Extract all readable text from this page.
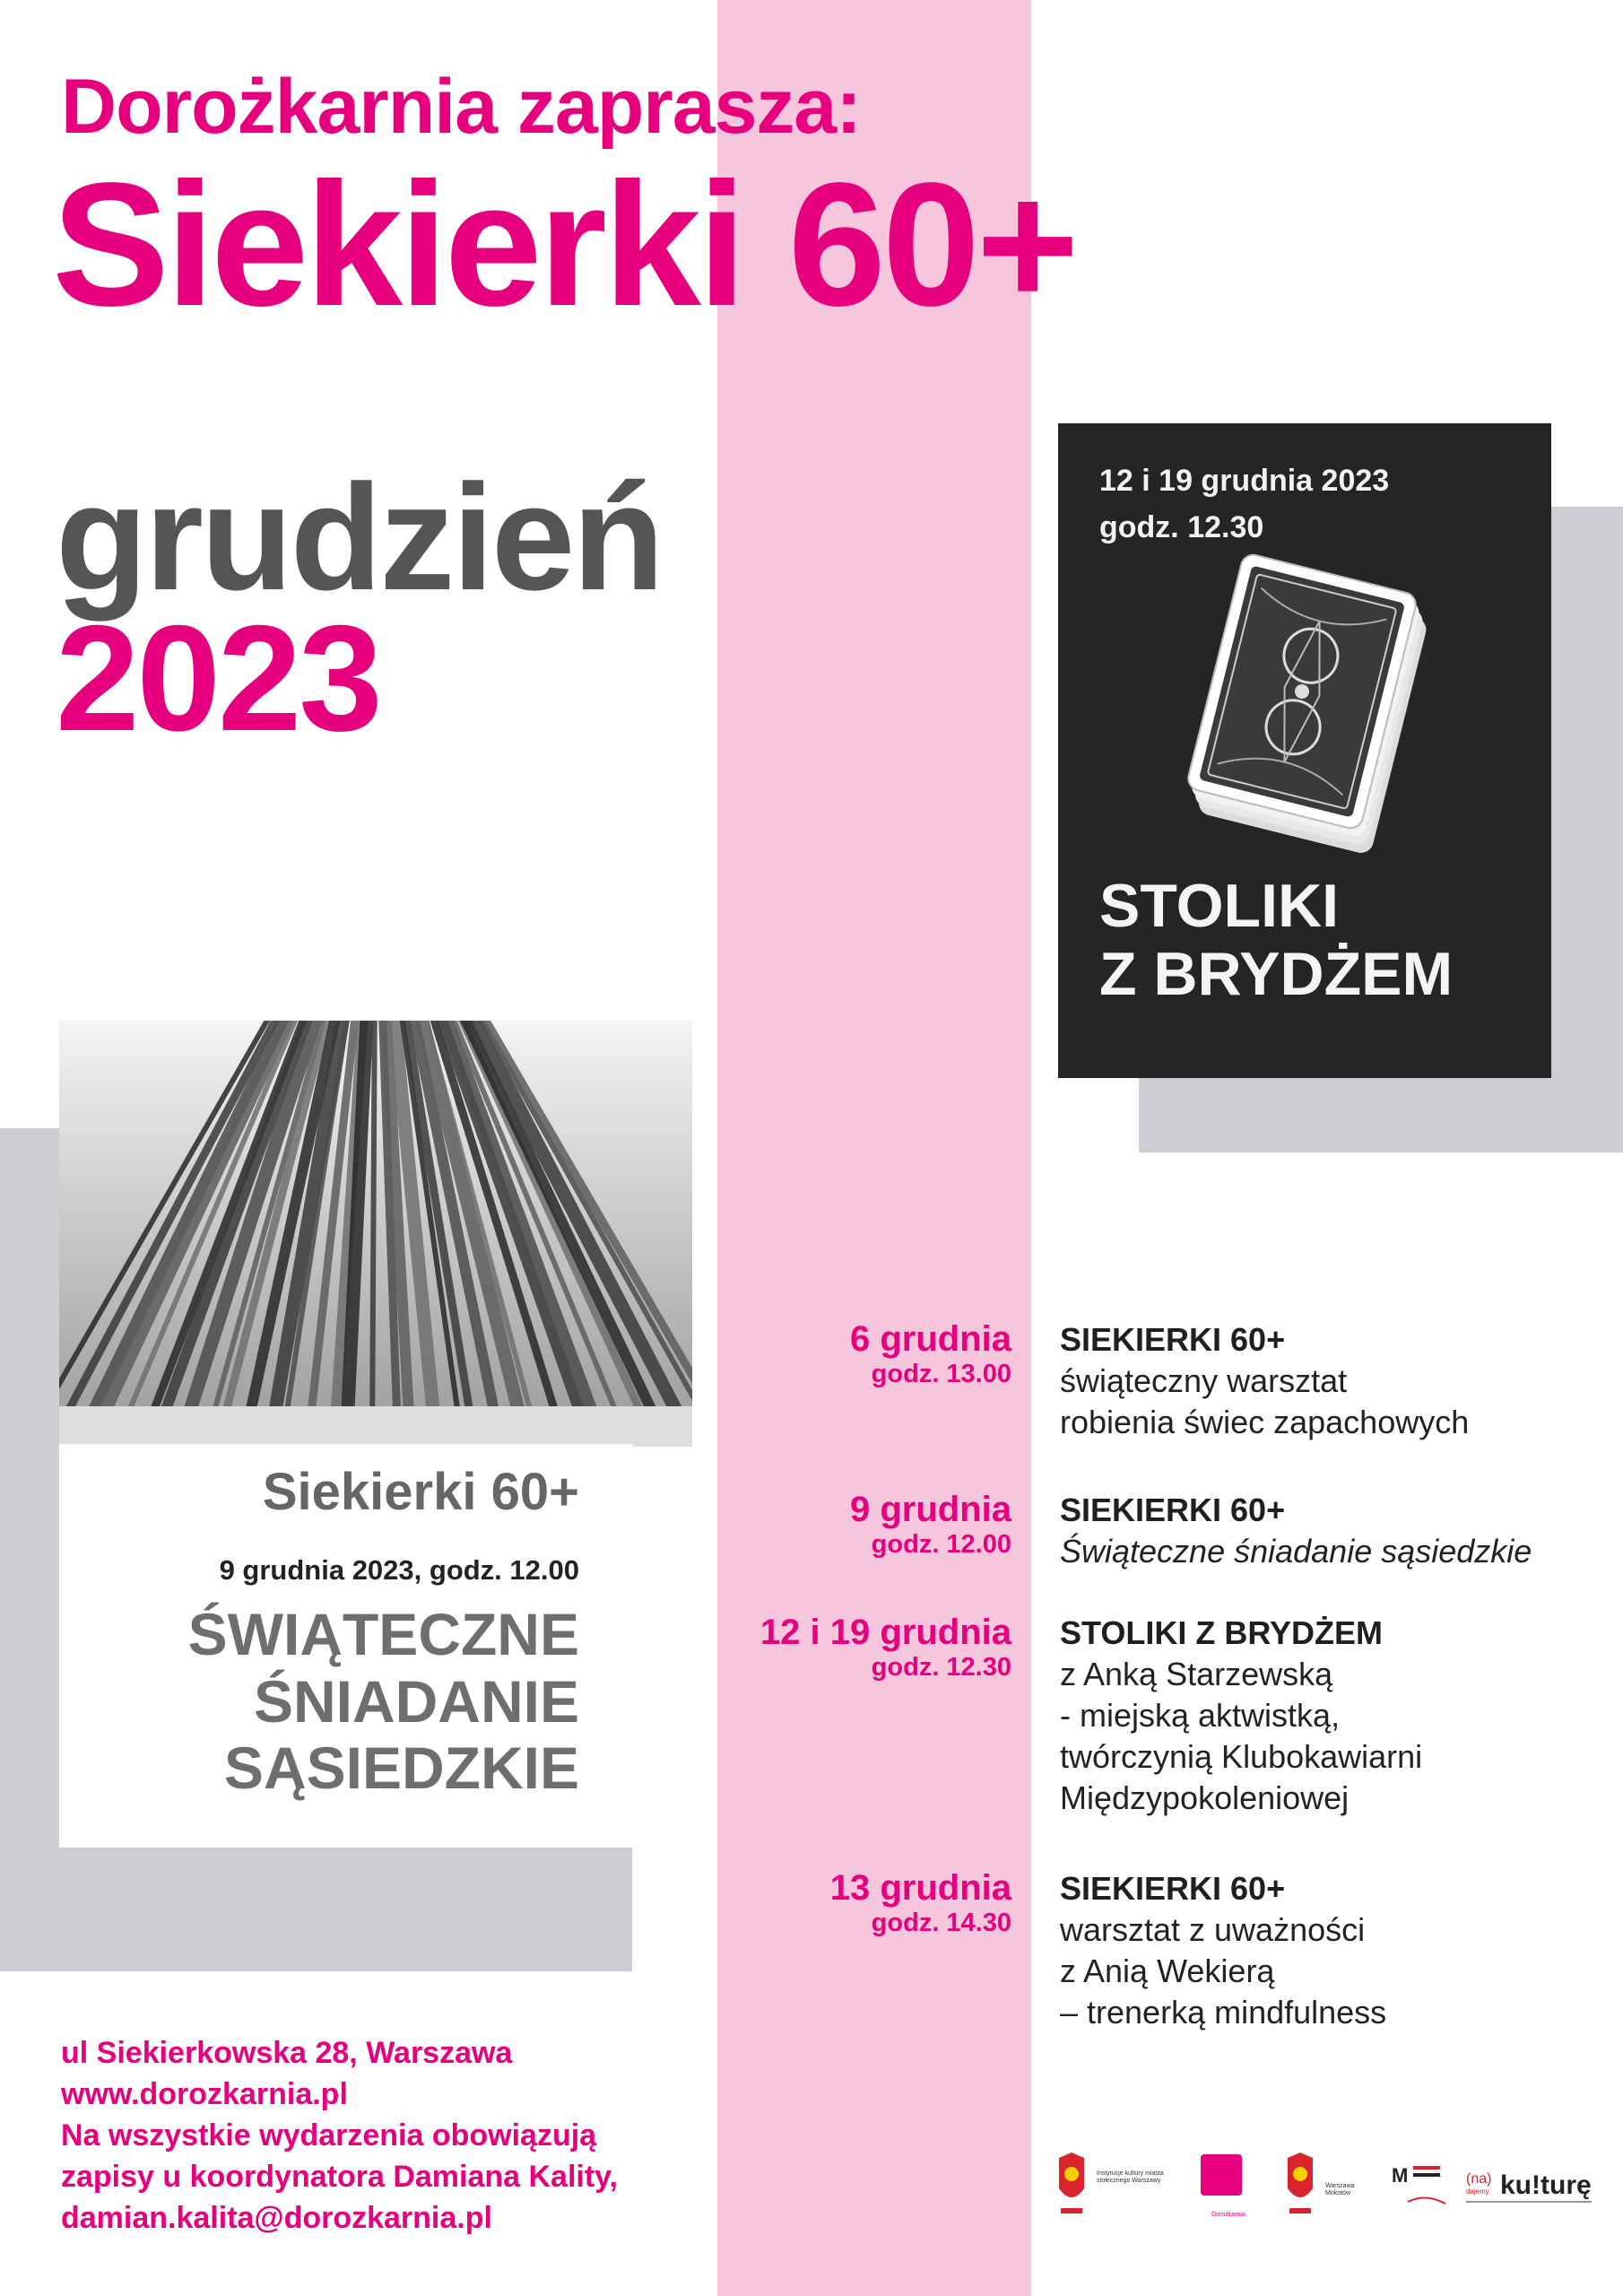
Dorożkarnia zaprasza:
Siekierki 60+
grudzień
2023
12 i 19 grudnia 2023
godz. 12.30
STOLIKI
Z BRYDŻEM
Siekierki 60+
9 grudnia 2023, godz. 12.00
ŚWIĄTECZNE
ŚNIADANIE
SĄSIEDZKIE
6 grudnia
godz. 13.00
SIEKIERKI 60+
świąteczny warsztat
robienia świec zapachowych
9 grudnia
godz. 12.00
SIEKIERKI 60+
Świąteczne śniadanie sąsiedzkie
12 i 19 grudnia
godz. 12.30
STOLIKI Z BRYDŻEM
z Anką Starzewską
- miejską aktwistką,
twórczynią Klubokawiarni
Międzypokoleniowej
13 grudnia
godz. 14.30
SIEKIERKI 60+
warsztat z uważności
z Anią Wekierą
– trenerką mindfulness
ul Siekierkowska 28, Warszawa
www.dorozkarnia.pl
Na wszystkie wydarzenia obowiązują
zapisy u koordynatora Damiana Kality,
damian.kalita@dorozkarnia.pl
Instytucje kultury miasta stołecznego Warszawy
Dorożkarnia
Warszawa Mokotów
M	(na)
dajemy ku!turę
